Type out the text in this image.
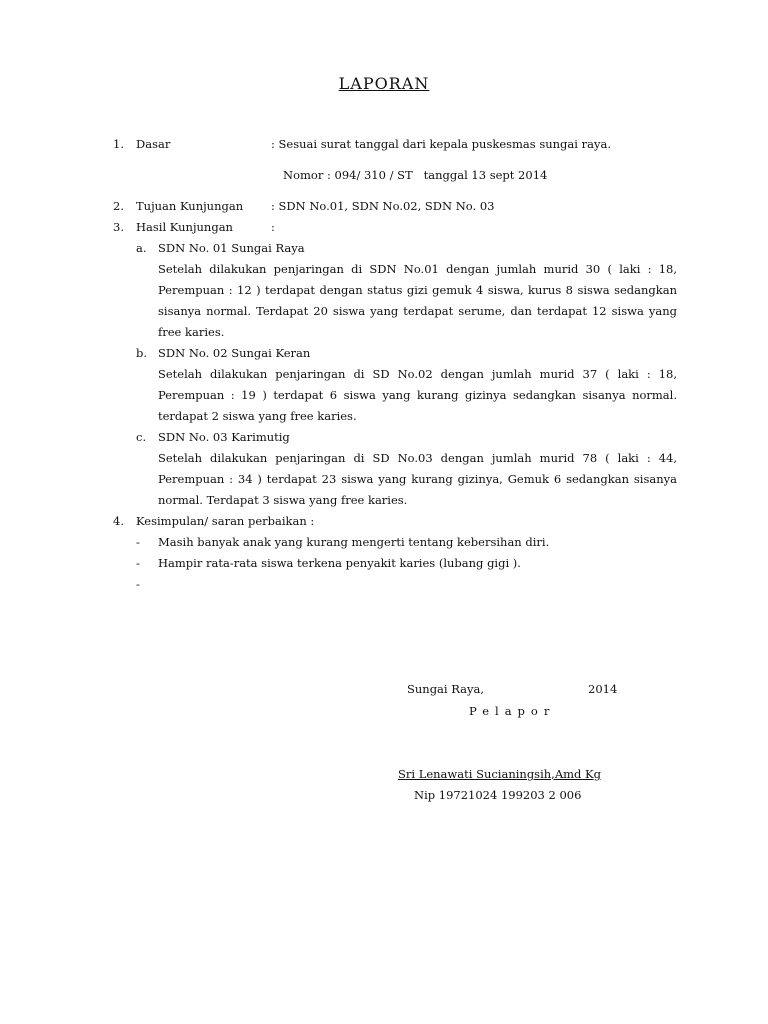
LAPORAN
1.	Dasar	: Sesuai surat tanggal dari kepala puskesmas sungai raya.
Nomor : 094/ 310 / ST   tanggal 13 sept 2014
2.	Tujuan Kunjungan : SDN No.01, SDN No.02, SDN No. 03
3.	Hasil Kunjungan	:
a. SDN No. 01 Sungai Raya
Setelah dilakukan penjaringan di SDN No.01 dengan jumlah murid 30 ( laki : 18, Perempuan : 12 ) terdapat dengan status gizi gemuk 4 siswa, kurus 8 siswa sedangkan sisanya normal. Terdapat 20 siswa yang terdapat serume, dan terdapat 12 siswa yang free karies.
b. SDN No. 02 Sungai Keran
Setelah dilakukan penjaringan di SD No.02 dengan jumlah murid 37 ( laki : 18, Perempuan : 19 ) terdapat 6 siswa yang kurang gizinya sedangkan sisanya normal. terdapat 2 siswa yang free karies.
c. SDN No. 03 Karimutig
Setelah dilakukan penjaringan di SD No.03 dengan jumlah murid 78 ( laki : 44, Perempuan : 34 ) terdapat 23 siswa yang kurang gizinya, Gemuk 6 sedangkan sisanya normal. Terdapat 3 siswa yang free karies.
4.	Kesimpulan/ saran perbaikan :
- Masih banyak anak yang kurang mengerti tentang kebersihan diri.
- Hampir rata-rata siswa terkena penyakit karies (lubang gigi ).
-
Sungai Raya,	2014
Pelapor
Sri Lenawati Sucianingsih,Amd Kg
Nip 19721024 199203 2 006
